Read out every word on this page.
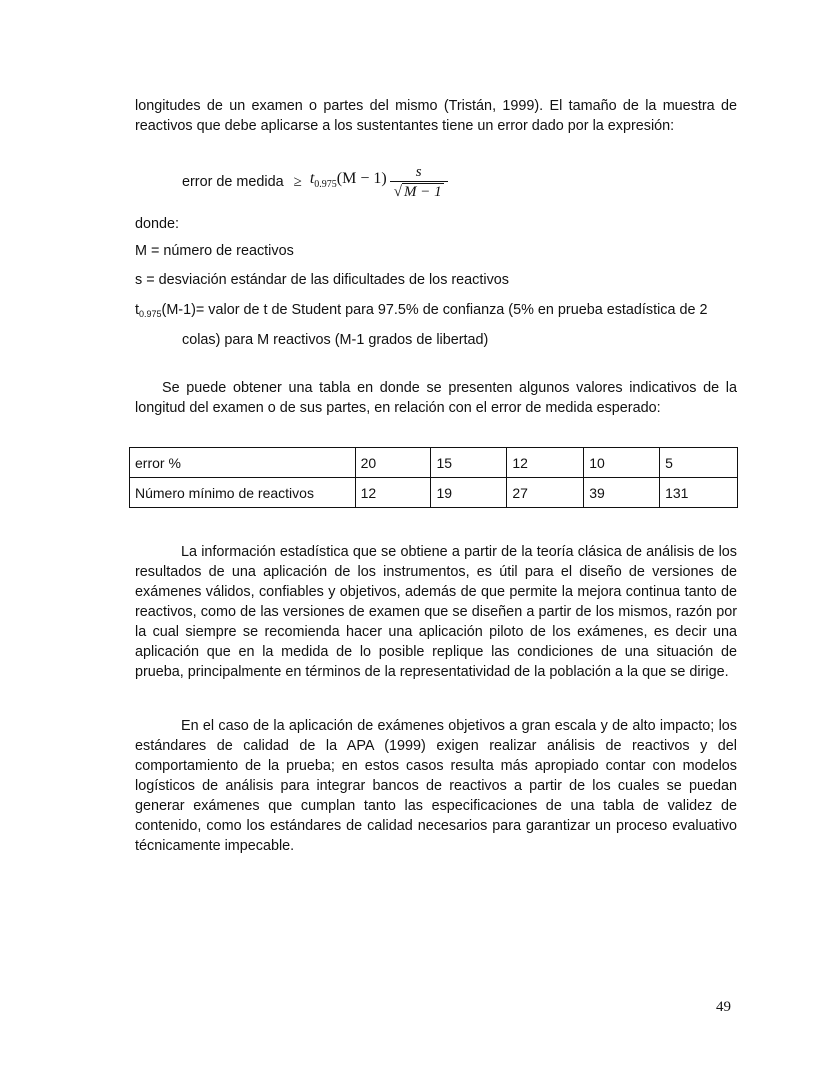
longitudes de un examen o partes del mismo (Tristán, 1999). El tamaño de la muestra de reactivos que debe aplicarse a los sustentantes tiene un error dado por la expresión:

error de medida ≥ $t_{0.975}(M - 1) \frac{s}{√ M - 1}$

donde:

M = número de reactivos

s = desviación estándar de las dificultades de los reactivos

$t_{0.975}(M-1)=$ valor de t de Student para 97.5% de confianza (5% en prueba estadística de 2

colas) para M reactivos (M-1 grados de libertad)

Se puede obtener una tabla en donde se presenten algunos valores indicativos de la longitud del examen o de sus partes, en relación con el error de medida esperado:

error %	20	15	12	10	5
Número mínimo de reactivos	12	19	27	39	131

La información estadística que se obtiene a partir de la teoría clásica de análisis de los resultados de una aplicación de los instrumentos, es útil para el diseño de versiones de exámenes válidos, confiables y objetivos, además de que permite la mejora continua tanto de reactivos, como de las versiones de examen que se diseñen a partir de los mismos, razón por la cual siempre se recomienda hacer una aplicación piloto de los exámenes, es decir una aplicación que en la medida de lo posible replique las condiciones de una situación de prueba, principalmente en términos de la representatividad de la población a la que se dirige.

En el caso de la aplicación de exámenes objetivos a gran escala y de alto impacto; los estándares de calidad de la APA (1999) exigen realizar análisis de reactivos y del comportamiento de la prueba; en estos casos resulta más apropiado contar con modelos logísticos de análisis para integrar bancos de reactivos a partir de los cuales se puedan generar exámenes que cumplan tanto las especificaciones de una tabla de validez de contenido, como los estándares de calidad necesarios para garantizar un proceso evaluativo técnicamente impecable.

49
